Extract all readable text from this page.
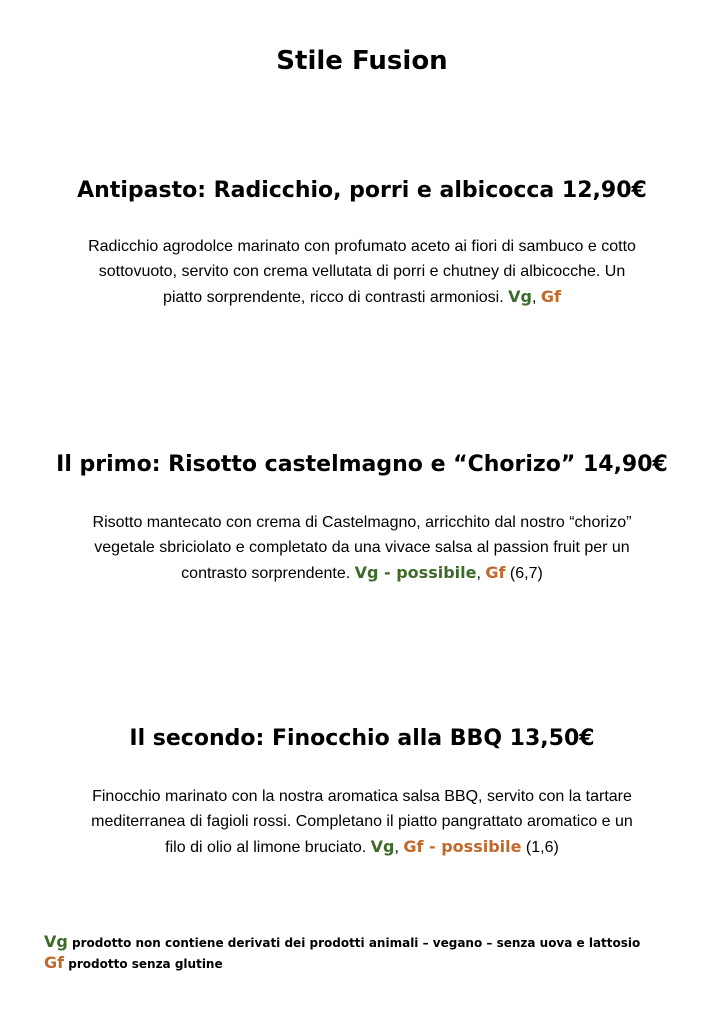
Stile Fusion
Antipasto: Radicchio, porri e albicocca 12,90€
Radicchio agrodolce marinato con profumato aceto ai fiori di sambuco e cotto
sottovuoto, servito con crema vellutata di porri e chutney di albicocche. Un
piatto sorprendente, ricco di contrasti armoniosi. Vg, Gf
Il primo: Risotto castelmagno e “Chorizo” 14,90€
Risotto mantecato con crema di Castelmagno, arricchito dal nostro “chorizo”
vegetale sbriciolato e completato da una vivace salsa al passion fruit per un
contrasto sorprendente. Vg - possibile, Gf (6,7)
Il secondo: Finocchio alla BBQ 13,50€
Finocchio marinato con la nostra aromatica salsa BBQ, servito con la tartare
mediterranea di fagioli rossi. Completano il piatto pangrattato aromatico e un
filo di olio al limone bruciato. Vg, Gf - possibile (1,6)
Vg prodotto non contiene derivati dei prodotti animali – vegano – senza uova e lattosio
Gf prodotto senza glutine
